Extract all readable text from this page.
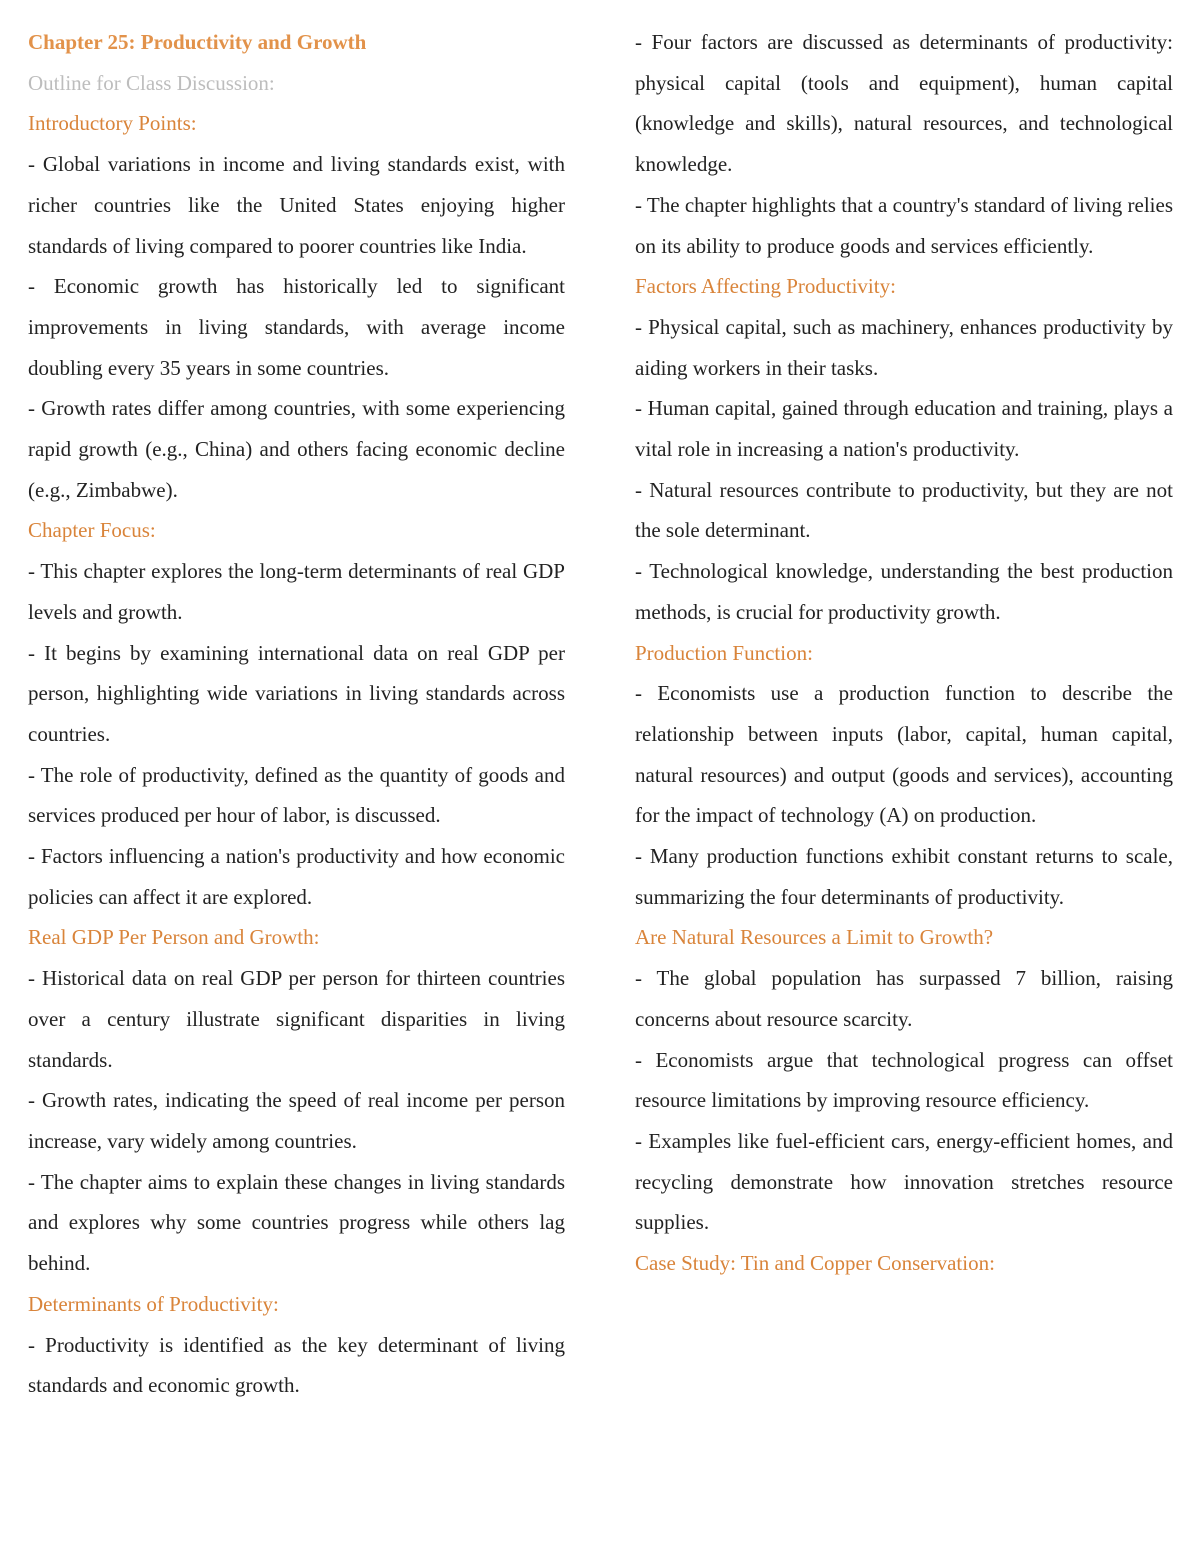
Chapter 25: Productivity and Growth

Outline for Class Discussion:

Introductory Points:

- Global variations in income and living standards exist, with richer countries like the United States enjoying higher standards of living compared to poorer countries like India.

- Economic growth has historically led to significant improvements in living standards, with average income doubling every 35 years in some countries.

- Growth rates differ among countries, with some experiencing rapid growth (e.g., China) and others facing economic decline (e.g., Zimbabwe).

Chapter Focus:

- This chapter explores the long-term determinants of real GDP levels and growth.

- It begins by examining international data on real GDP per person, highlighting wide variations in living standards across countries.

- The role of productivity, defined as the quantity of goods and services produced per hour of labor, is discussed.

- Factors influencing a nation's productivity and how economic policies can affect it are explored.

Real GDP Per Person and Growth:

- Historical data on real GDP per person for thirteen countries over a century illustrate significant disparities in living standards.

- Growth rates, indicating the speed of real income per person increase, vary widely among countries.

- The chapter aims to explain these changes in living standards and explores why some countries progress while others lag behind.

Determinants of Productivity:

- Productivity is identified as the key determinant of living standards and economic growth.

- Four factors are discussed as determinants of productivity: physical capital (tools and equipment), human capital (knowledge and skills), natural resources, and technological knowledge.

- The chapter highlights that a country's standard of living relies on its ability to produce goods and services efficiently.

Factors Affecting Productivity:

- Physical capital, such as machinery, enhances productivity by aiding workers in their tasks.

- Human capital, gained through education and training, plays a vital role in increasing a nation's productivity.

- Natural resources contribute to productivity, but they are not the sole determinant.

- Technological knowledge, understanding the best production methods, is crucial for productivity growth.

Production Function:

- Economists use a production function to describe the relationship between inputs (labor, capital, human capital, natural resources) and output (goods and services), accounting for the impact of technology (A) on production.

- Many production functions exhibit constant returns to scale, summarizing the four determinants of productivity.

Are Natural Resources a Limit to Growth?

- The global population has surpassed 7 billion, raising concerns about resource scarcity.

- Economists argue that technological progress can offset resource limitations by improving resource efficiency.

- Examples like fuel-efficient cars, energy-efficient homes, and recycling demonstrate how innovation stretches resource supplies.

Case Study: Tin and Copper Conservation:
